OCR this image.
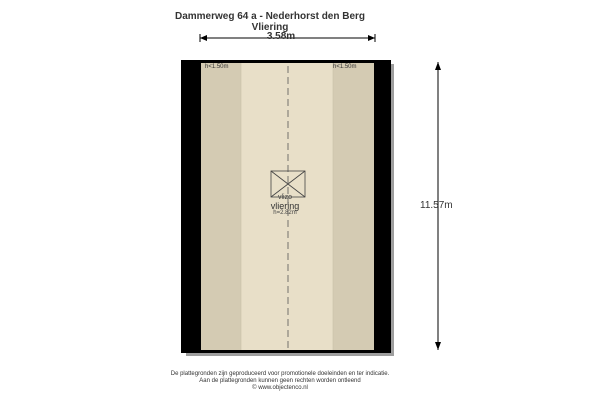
Dammerweg 64 a - Nederhorst den Berg
Vliering
3.58m
11.57m
h<1.50m	h<1.50m
vlizo
vliering
h=2.82m
De plattegronden zijn geproduceerd voor promotionele doeleinden en ter indicatie.
Aan de plattegronden kunnen geen rechten worden ontleend
© www.objectenco.nl
